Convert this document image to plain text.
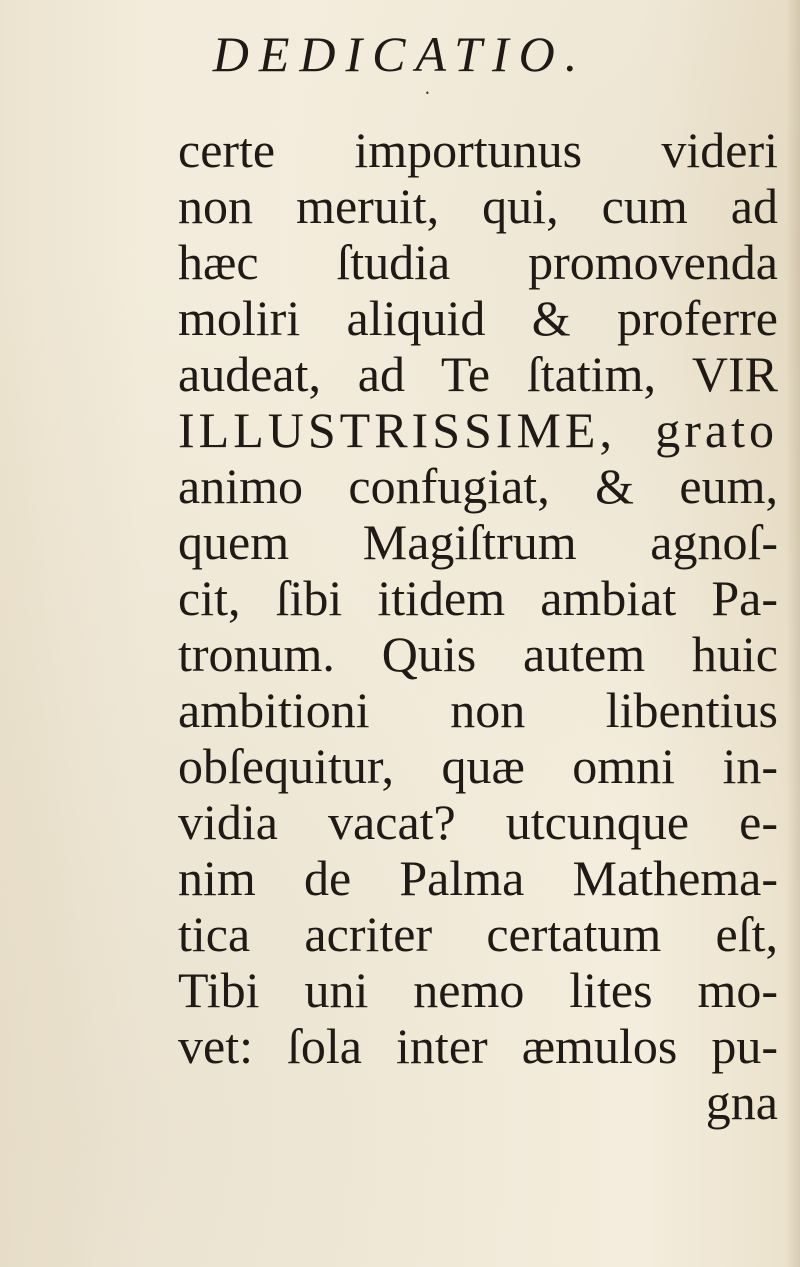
DEDICATIO.
•
certe importunus videri
non meruit, qui, cum ad
hæc ſtudia promovenda
moliri aliquid & proferre
audeat, ad Te ſtatim, VIR
ILLUSTRISSIME, grato
animo confugiat, & eum,
quem Magiſtrum agnoſ-
cit, ſibi itidem ambiat Pa-
tronum. Quis autem huic
ambitioni non libentius
obſequitur, quæ omni in-
vidia vacat? utcunque e-
nim de Palma Mathema-
tica acriter certatum eſt,
Tibi uni nemo lites mo-
vet: ſola inter æmulos pu-
gna
